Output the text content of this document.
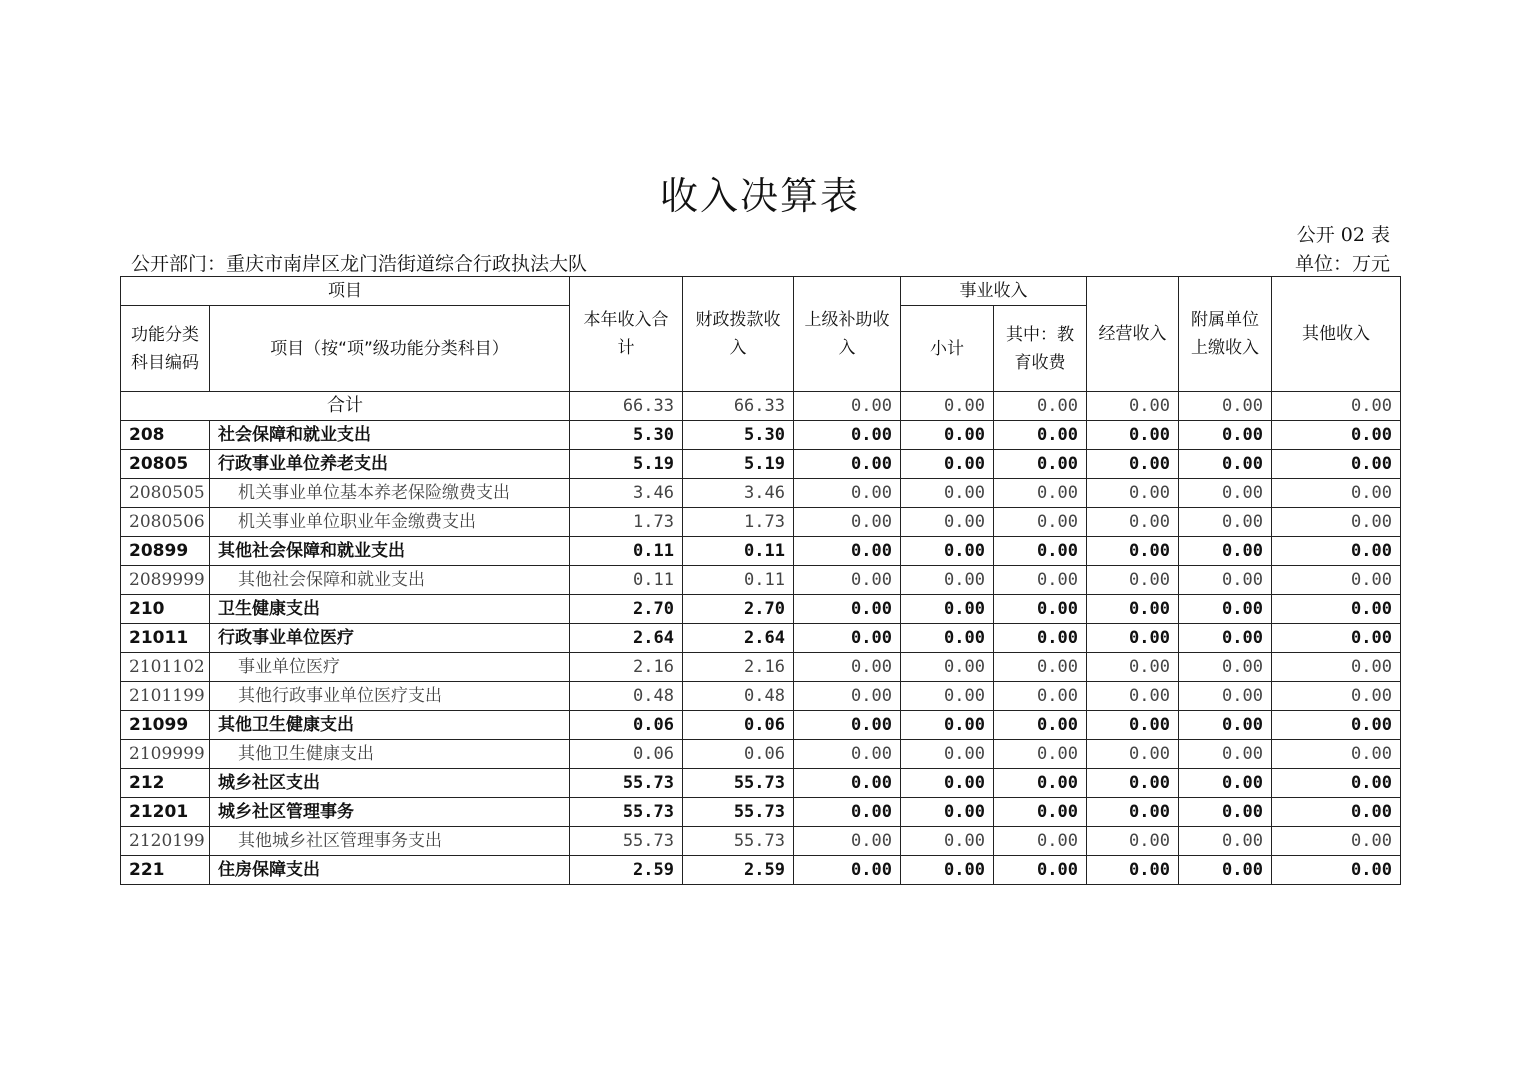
收入决算表
公开 02 表
公开部门：重庆市南岸区龙门浩街道综合行政执法大队	单位：万元
项目		本年收入合计	财政拨款收入	上级补助收入	事业收入		经营收入	附属单位上缴收入	其他收入
功能分类科目编码	项目（按“项”级功能分类科目）				小计	其中：教育收费			
合计		66.33	66.33	0.00	0.00	0.00	0.00	0.00	0.00
208	社会保障和就业支出	5.30	5.30	0.00	0.00	0.00	0.00	0.00	0.00
20805	行政事业单位养老支出	5.19	5.19	0.00	0.00	0.00	0.00	0.00	0.00
2080505	机关事业单位基本养老保险缴费支出	3.46	3.46	0.00	0.00	0.00	0.00	0.00	0.00
2080506	机关事业单位职业年金缴费支出	1.73	1.73	0.00	0.00	0.00	0.00	0.00	0.00
20899	其他社会保障和就业支出	0.11	0.11	0.00	0.00	0.00	0.00	0.00	0.00
2089999	其他社会保障和就业支出	0.11	0.11	0.00	0.00	0.00	0.00	0.00	0.00
210	卫生健康支出	2.70	2.70	0.00	0.00	0.00	0.00	0.00	0.00
21011	行政事业单位医疗	2.64	2.64	0.00	0.00	0.00	0.00	0.00	0.00
2101102	事业单位医疗	2.16	2.16	0.00	0.00	0.00	0.00	0.00	0.00
2101199	其他行政事业单位医疗支出	0.48	0.48	0.00	0.00	0.00	0.00	0.00	0.00
21099	其他卫生健康支出	0.06	0.06	0.00	0.00	0.00	0.00	0.00	0.00
2109999	其他卫生健康支出	0.06	0.06	0.00	0.00	0.00	0.00	0.00	0.00
212	城乡社区支出	55.73	55.73	0.00	0.00	0.00	0.00	0.00	0.00
21201	城乡社区管理事务	55.73	55.73	0.00	0.00	0.00	0.00	0.00	0.00
2120199	其他城乡社区管理事务支出	55.73	55.73	0.00	0.00	0.00	0.00	0.00	0.00
221	住房保障支出	2.59	2.59	0.00	0.00	0.00	0.00	0.00	0.00
